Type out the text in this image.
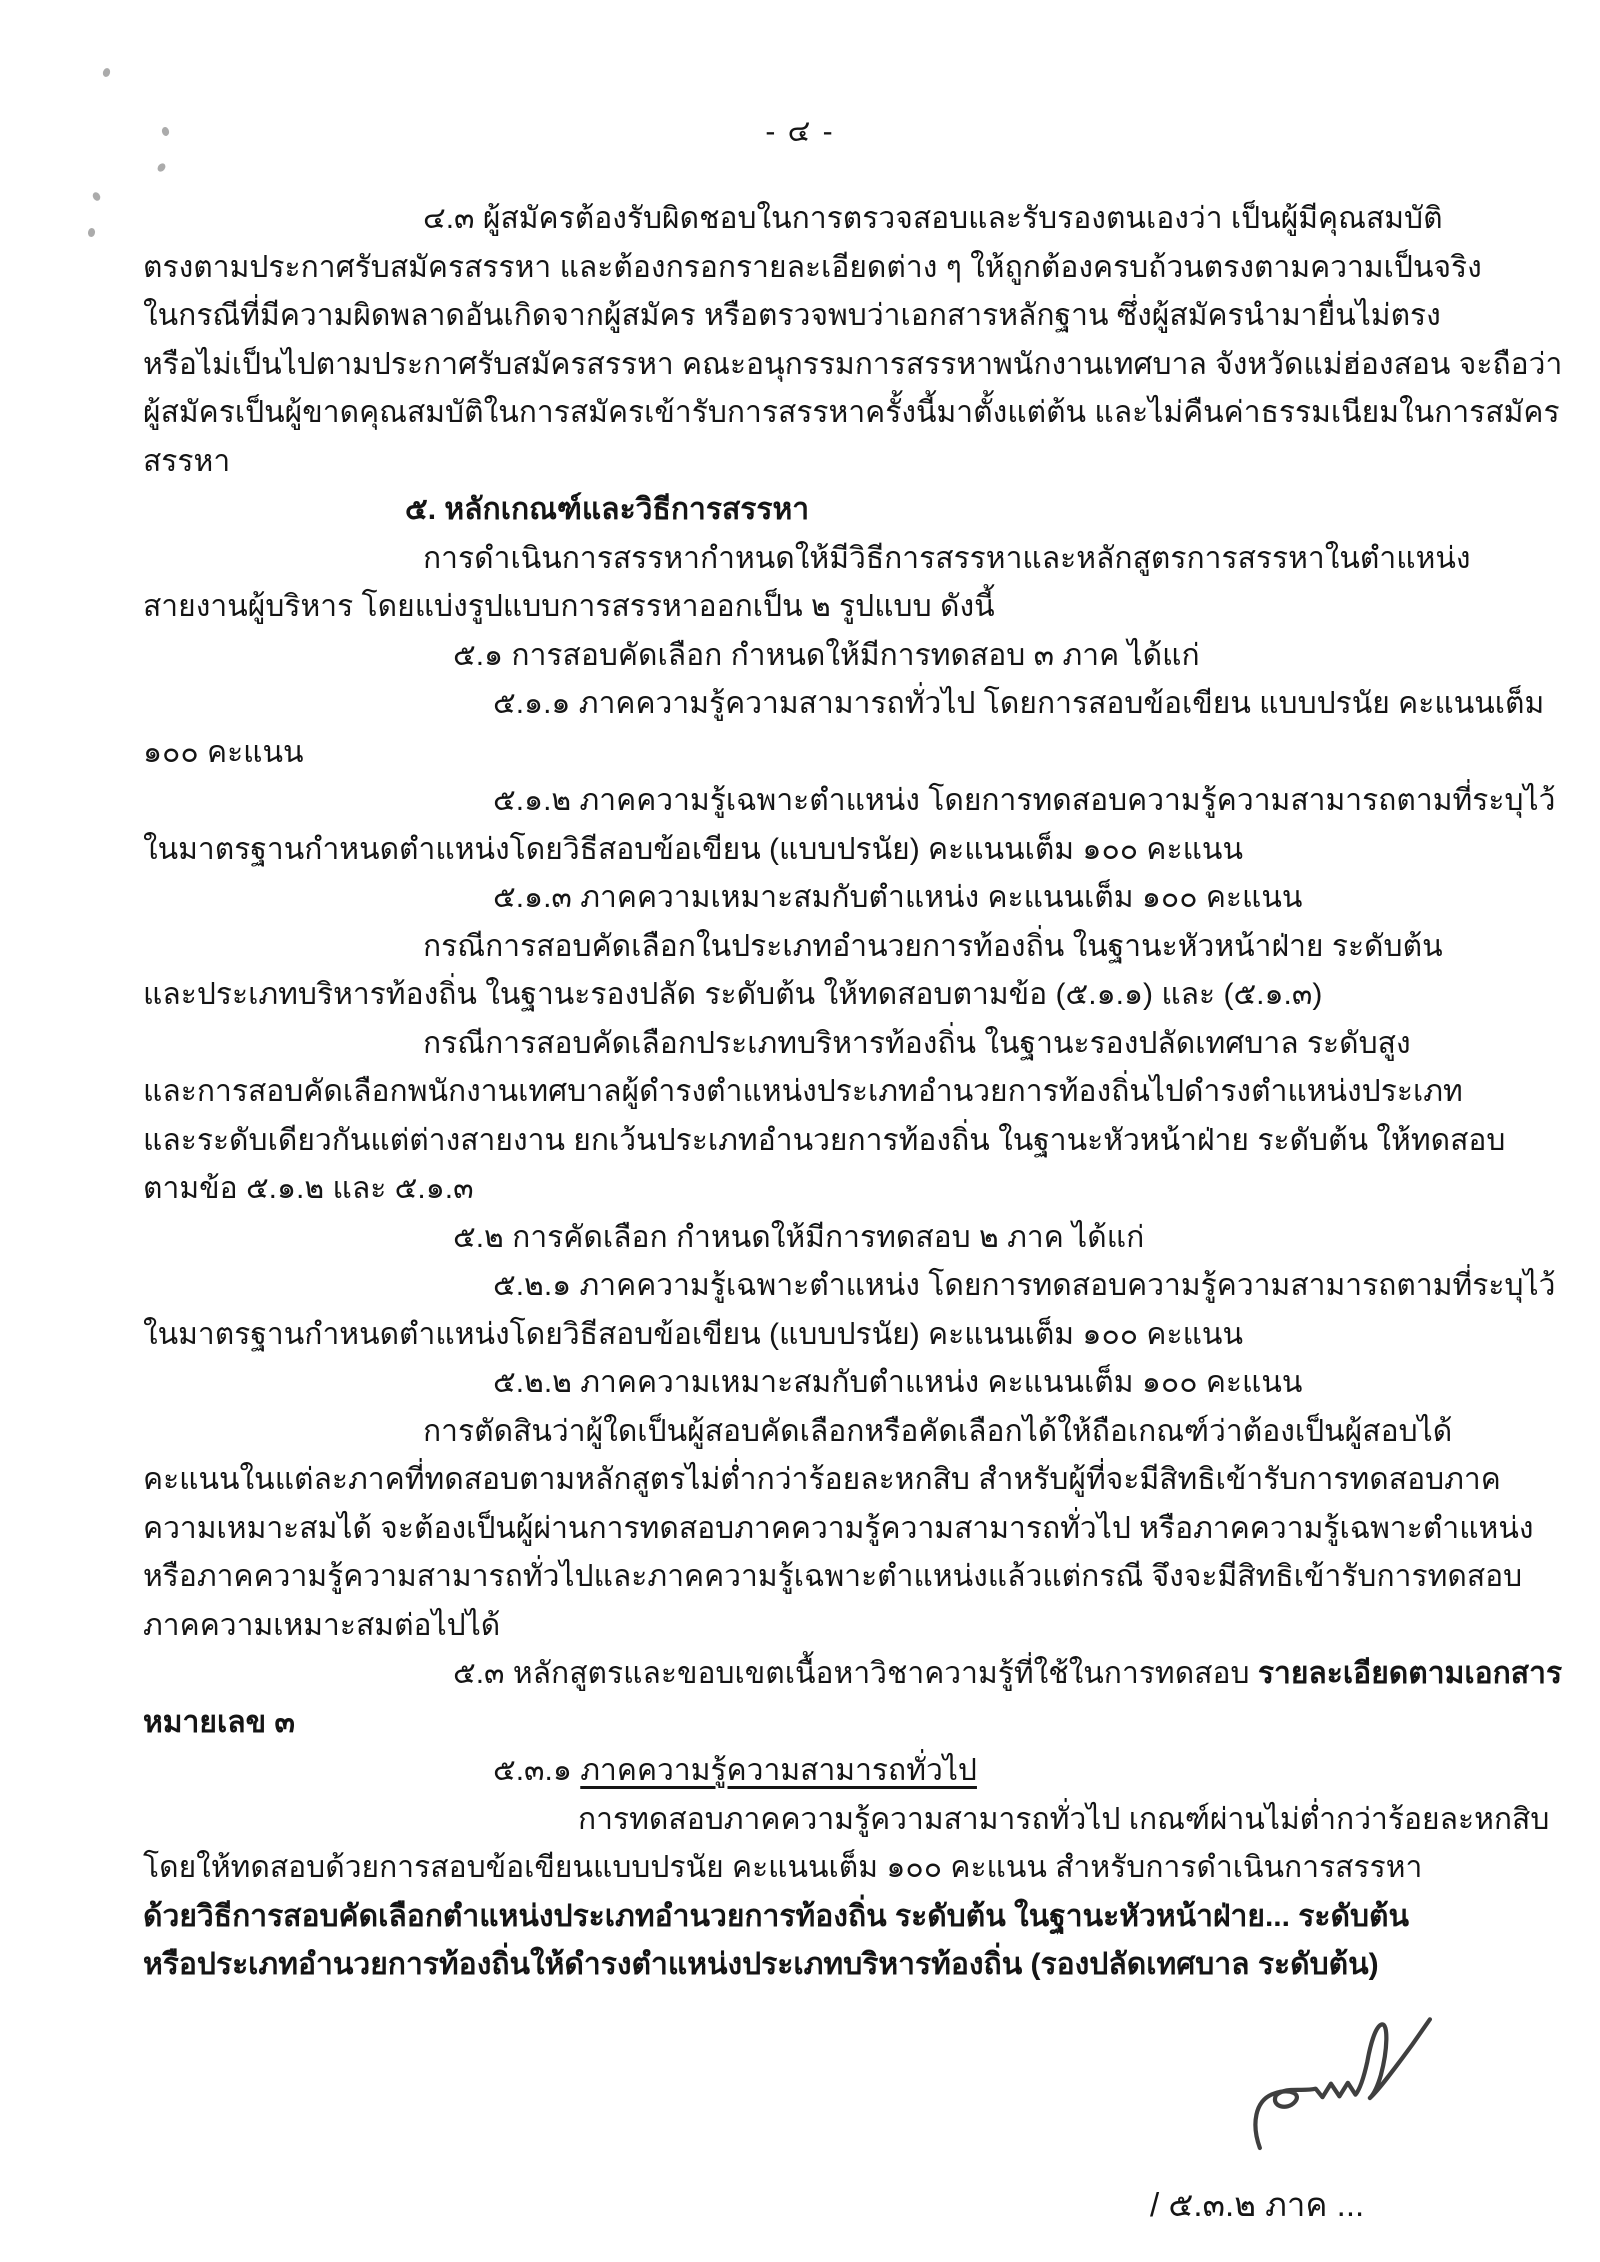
- ๔ -
๔.๓ ผู้สมัครต้องรับผิดชอบในการตรวจสอบและรับรองตนเองว่า เป็นผู้มีคุณสมบัติ
ตรงตามประกาศรับสมัครสรรหา และต้องกรอกรายละเอียดต่าง ๆ ให้ถูกต้องครบถ้วนตรงตามความเป็นจริง
ในกรณีที่มีความผิดพลาดอันเกิดจากผู้สมัคร หรือตรวจพบว่าเอกสารหลักฐาน ซึ่งผู้สมัครนำมายื่นไม่ตรง
หรือไม่เป็นไปตามประกาศรับสมัครสรรหา คณะอนุกรรมการสรรหาพนักงานเทศบาล จังหวัดแม่ฮ่องสอน จะถือว่า
ผู้สมัครเป็นผู้ขาดคุณสมบัติในการสมัครเข้ารับการสรรหาครั้งนี้มาตั้งแต่ต้น และไม่คืนค่าธรรมเนียมในการสมัคร
สรรหา
๕. หลักเกณฑ์และวิธีการสรรหา
การดำเนินการสรรหากำหนดให้มีวิธีการสรรหาและหลักสูตรการสรรหาในตำแหน่ง
สายงานผู้บริหาร โดยแบ่งรูปแบบการสรรหาออกเป็น ๒ รูปแบบ ดังนี้
๕.๑ การสอบคัดเลือก กำหนดให้มีการทดสอบ ๓ ภาค ได้แก่
๕.๑.๑ ภาคความรู้ความสามารถทั่วไป โดยการสอบข้อเขียน แบบปรนัย คะแนนเต็ม
๑๐๐ คะแนน
๕.๑.๒ ภาคความรู้เฉพาะตำแหน่ง โดยการทดสอบความรู้ความสามารถตามที่ระบุไว้
ในมาตรฐานกำหนดตำแหน่งโดยวิธีสอบข้อเขียน (แบบปรนัย) คะแนนเต็ม ๑๐๐ คะแนน
๕.๑.๓ ภาคความเหมาะสมกับตำแหน่ง คะแนนเต็ม ๑๐๐ คะแนน
กรณีการสอบคัดเลือกในประเภทอำนวยการท้องถิ่น ในฐานะหัวหน้าฝ่าย ระดับต้น
และประเภทบริหารท้องถิ่น ในฐานะรองปลัด ระดับต้น ให้ทดสอบตามข้อ (๕.๑.๑) และ (๕.๑.๓)
กรณีการสอบคัดเลือกประเภทบริหารท้องถิ่น ในฐานะรองปลัดเทศบาล ระดับสูง
และการสอบคัดเลือกพนักงานเทศบาลผู้ดำรงตำแหน่งประเภทอำนวยการท้องถิ่นไปดำรงตำแหน่งประเภท
และระดับเดียวกันแต่ต่างสายงาน ยกเว้นประเภทอำนวยการท้องถิ่น ในฐานะหัวหน้าฝ่าย ระดับต้น ให้ทดสอบ
ตามข้อ ๕.๑.๒ และ ๕.๑.๓
๕.๒ การคัดเลือก กำหนดให้มีการทดสอบ ๒ ภาค ได้แก่
๕.๒.๑ ภาคความรู้เฉพาะตำแหน่ง โดยการทดสอบความรู้ความสามารถตามที่ระบุไว้
ในมาตรฐานกำหนดตำแหน่งโดยวิธีสอบข้อเขียน (แบบปรนัย) คะแนนเต็ม ๑๐๐ คะแนน
๕.๒.๒ ภาคความเหมาะสมกับตำแหน่ง คะแนนเต็ม ๑๐๐ คะแนน
การตัดสินว่าผู้ใดเป็นผู้สอบคัดเลือกหรือคัดเลือกได้ให้ถือเกณฑ์ว่าต้องเป็นผู้สอบได้
คะแนนในแต่ละภาคที่ทดสอบตามหลักสูตรไม่ต่ำกว่าร้อยละหกสิบ สำหรับผู้ที่จะมีสิทธิเข้ารับการทดสอบภาค
ความเหมาะสมได้ จะต้องเป็นผู้ผ่านการทดสอบภาคความรู้ความสามารถทั่วไป หรือภาคความรู้เฉพาะตำแหน่ง
หรือภาคความรู้ความสามารถทั่วไปและภาคความรู้เฉพาะตำแหน่งแล้วแต่กรณี จึงจะมีสิทธิเข้ารับการทดสอบ
ภาคความเหมาะสมต่อไปได้
๕.๓ หลักสูตรและขอบเขตเนื้อหาวิชาความรู้ที่ใช้ในการทดสอบ รายละเอียดตามเอกสาร
หมายเลข ๓
๕.๓.๑ ภาคความรู้ความสามารถทั่วไป
การทดสอบภาคความรู้ความสามารถทั่วไป เกณฑ์ผ่านไม่ต่ำกว่าร้อยละหกสิบ
โดยให้ทดสอบด้วยการสอบข้อเขียนแบบปรนัย คะแนนเต็ม ๑๐๐ คะแนน สำหรับการดำเนินการสรรหา
ด้วยวิธีการสอบคัดเลือกตำแหน่งประเภทอำนวยการท้องถิ่น ระดับต้น ในฐานะหัวหน้าฝ่าย... ระดับต้น
หรือประเภทอำนวยการท้องถิ่นให้ดำรงตำแหน่งประเภทบริหารท้องถิ่น (รองปลัดเทศบาล ระดับต้น)
/ ๕.๓.๒ ภาค ...
